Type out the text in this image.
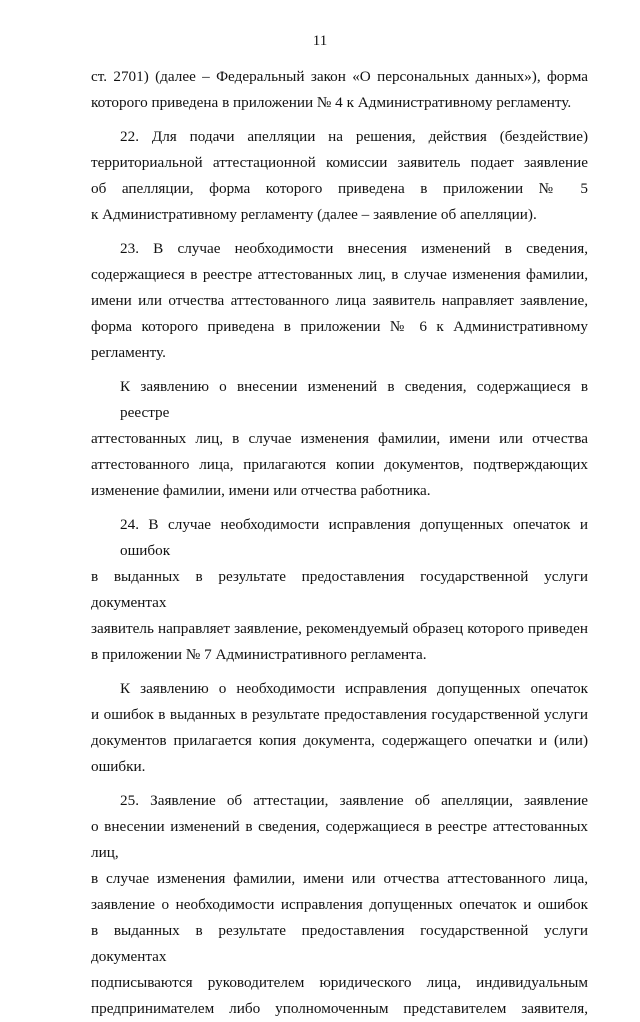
11

ст. 2701) (далее – Федеральный закон «О персональных данных»), форма

которого приведена в приложении № 4 к Административному регламенту.

22. Для подачи апелляции на решения, действия (бездействие)

территориальной аттестационной комиссии заявитель подает заявление

об апелляции, форма которого приведена в приложении № 5

к Административному регламенту (далее – заявление об апелляции).

23. В случае необходимости внесения изменений в сведения,

содержащиеся в реестре аттестованных лиц, в случае изменения фамилии,

имени или отчества аттестованного лица заявитель направляет заявление,

форма которого приведена в приложении № 6 к Административному

регламенту.

К заявлению о внесении изменений в сведения, содержащиеся в реестре

аттестованных лиц, в случае изменения фамилии, имени или отчества

аттестованного лица, прилагаются копии документов, подтверждающих

изменение фамилии, имени или отчества работника.

24. В случае необходимости исправления допущенных опечаток и ошибок

в выданных в результате предоставления государственной услуги документах

заявитель направляет заявление, рекомендуемый образец которого приведен

в приложении № 7 Административного регламента.

К заявлению о необходимости исправления допущенных опечаток

и ошибок в выданных в результате предоставления государственной услуги

документов прилагается копия документа, содержащего опечатки и (или)

ошибки.

25. Заявление об аттестации, заявление об апелляции, заявление

о внесении изменений в сведения, содержащиеся в реестре аттестованных лиц,

в случае изменения фамилии, имени или отчества аттестованного лица,

заявление о необходимости исправления допущенных опечаток и ошибок

в выданных в результате предоставления государственной услуги документах

подписываются руководителем юридического лица, индивидуальным

предпринимателем либо уполномоченным представителем заявителя,
